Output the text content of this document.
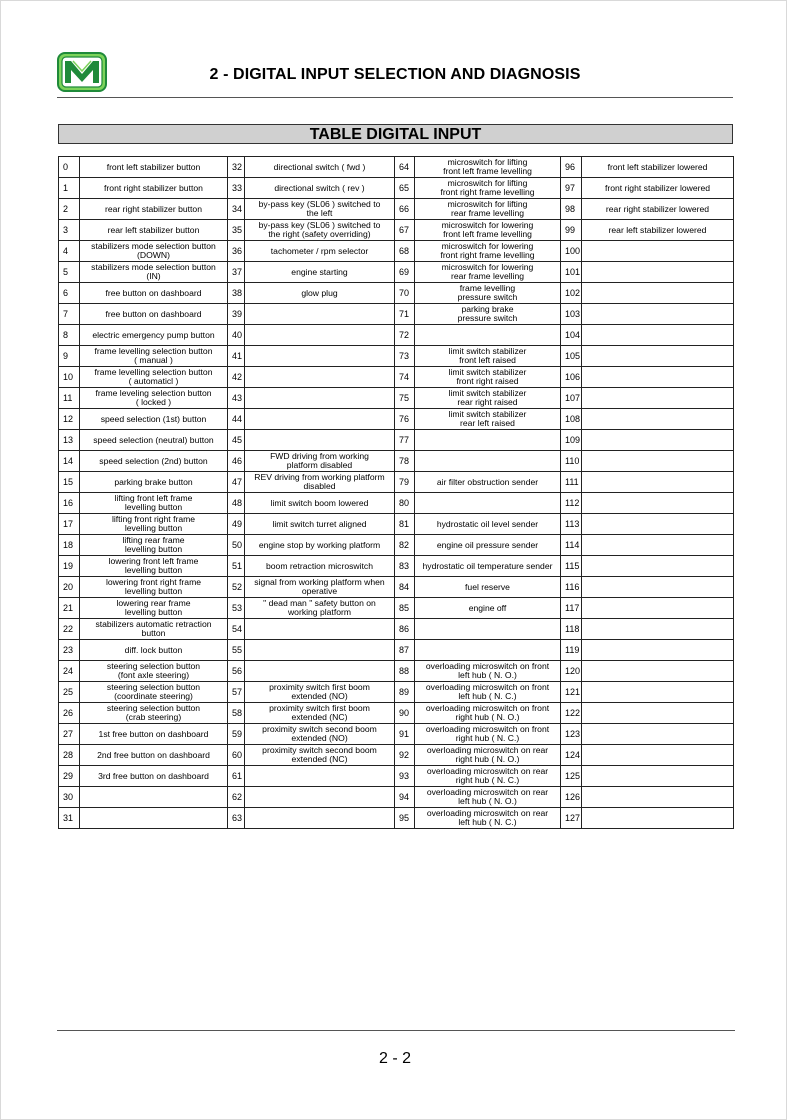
2 - DIGITAL INPUT SELECTION AND DIAGNOSIS
TABLE DIGITAL INPUT
0	front left stabilizer button	32	directional switch ( fwd )	64	microswitch for lifting
front left frame levelling	96	front left stabilizer lowered
1	front right stabilizer button	33	directional switch ( rev )	65	microswitch for lifting
front right frame levelling	97	front right stabilizer lowered
2	rear right stabilizer button	34	by-pass key (SL06 ) switched to
the left	66	microswitch for lifting
rear frame levelling	98	rear right stabilizer lowered
3	rear left stabilizer button	35	by-pass key (SL06 ) switched to
the right (safety overriding)	67	microswitch for lowering
front left frame levelling	99	rear left stabilizer lowered
4	stabilizers mode selection button
(DOWN)	36	tachometer / rpm selector	68	microswitch for lowering
front right frame levelling	100	
5	stabilizers mode selection button
(IN)	37	engine starting	69	microswitch for lowering
rear frame levelling	101	
6	free button on dashboard	38	glow plug	70	frame levelling
pressure switch	102	
7	free button on dashboard	39		71	parking brake
pressure switch	103	
8	electric emergency pump button	40		72		104	
9	frame levelling selection button
( manual )	41		73	limit switch stabilizer
front left raised	105	
10	frame levelling selection button
( automaticl )	42		74	limit switch stabilizer
front right raised	106	
11	frame leveling selection button
( locked )	43		75	limit switch stabilizer
rear right raised	107	
12	speed selection (1st) button	44		76	limit switch stabilizer
rear left raised	108	
13	speed selection (neutral) button	45		77		109	
14	speed selection (2nd) button	46	FWD driving from working
platform disabled	78		110	
15	parking brake button	47	REV driving from working platform
disabled	79	air filter obstruction sender	111	
16	lifting front left frame
levelling button	48	limit switch boom lowered	80		112	
17	lifting front right frame
levelling button	49	limit switch turret aligned	81	hydrostatic oil level sender	113	
18	lifting rear frame
levelling button	50	engine stop by working platform	82	engine oil pressure sender	114	
19	lowering front left frame
levelling button	51	boom retraction microswitch	83	hydrostatic oil temperature sender	115	
20	lowering front right frame
levelling button	52	signal from working platform when
operative	84	fuel reserve	116	
21	lowering rear frame
levelling button	53	" dead man " safety button on
working platform	85	engine off	117	
22	stabilizers automatic retraction
button	54		86		118	
23	diff. lock button	55		87		119	
24	steering selection button
(font axle steering)	56		88	overloading microswitch on front
left hub ( N. O.)	120	
25	steering selection button
(coordinate steering)	57	proximity switch first boom
extended (NO)	89	overloading microswitch on front
left hub ( N. C.)	121	
26	steering selection button
(crab steering)	58	proximity switch first boom
extended (NC)	90	overloading microswitch on front
right hub ( N. O.)	122	
27	1st free button on dashboard	59	proximity switch second boom
extended (NO)	91	overloading microswitch on front
right hub ( N. C.)	123	
28	2nd free button on dashboard	60	proximity switch second boom
extended (NC)	92	overloading microswitch on rear
right hub ( N. O.)	124	
29	3rd free button on dashboard	61		93	overloading microswitch on rear
right hub ( N. C.)	125	
30		62		94	overloading microswitch on rear
left hub ( N. O.)	126	
31		63		95	overloading microswitch on rear
left hub ( N. C.)	127	
2 - 2
